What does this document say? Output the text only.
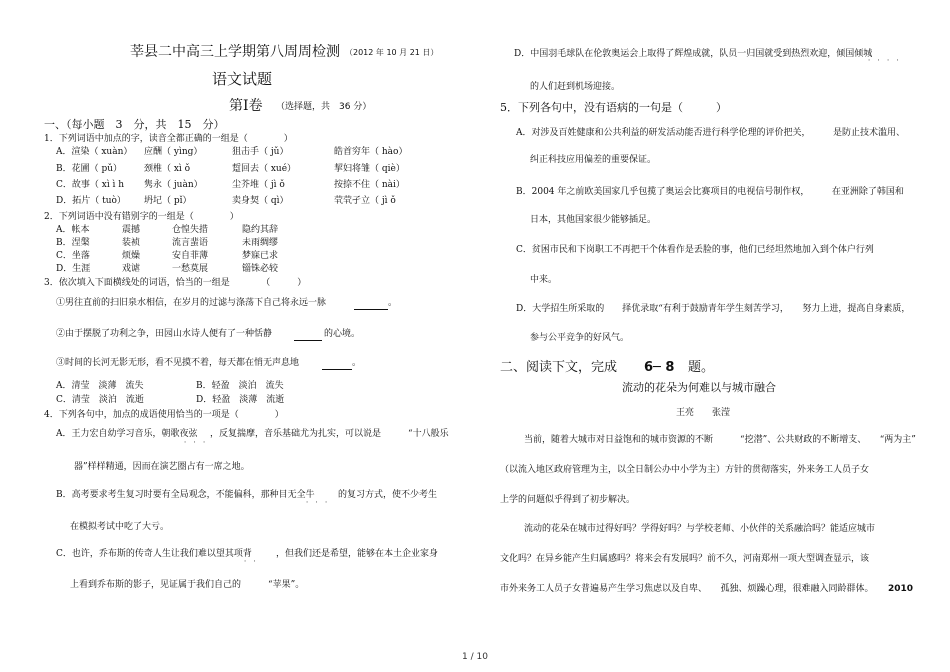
莘县二中高三上学期第八周周检测 （2012 年 10 月 21 日）
语文试题
第Ⅰ卷 （选择题，共　36 分）
一、（每小题　3　分，共　15　分）
1．下列词语中加点的字，读音全都正确的一组是（　　　　）
A．渲染（ xuàn） 应酬（ yìng）	狙击手（ jǔ）	皓首穷年（ hào）
B．花圃（ pǔ） 颈椎（ xì ǒ	踅回去（ xué）	挈妇将雏（ qiè）
C．故事（ xì ì h 隽永（ juàn）	尘芥堆（ jì ǒ	按捺不住（ nài）
D．拓片（ tuò） 坍圮（ pǐ）	卖身契（ qì）	茕茕孑立（ jì ǒ
2．下列词语中没有错别字的一组是（　　　　）
A．帐本	震撼	仓惶失措	隐约其辞
B．涅槃	装祯	流言蜚语	未雨绸缪
C．坐落	烦燥	安自菲薄	梦寐已求
D．生涯	戏谑	一愁莫展	锱铢必较
3．依次填入下面横线处的词语，恰当的一组是　　　　（　　　）
①男往直前的扫旧泉水相信，在岁月的过滤与涤荡下自己将永远一脉	。
②由于摆脱了功利之争，田园山水诗人便有了一种恬静	的心境。
③时间的长河无影无形，看不见摸不着，每天都在悄无声息地	。
A．清莹　淡薄　流失	B．轻盈　淡泊　流失
C．清莹　淡泊　流逝	D．轻盈　淡薄　流逝
4．下列各句中，加点的成语使用恰当的一项是（　　　　）
A．王力宏自幼学习音乐，朝歌夜弦
．．．
，反复揣摩，音乐基础尤为扎实，可以说是　　　“十八般乐
器”样样精通，因而在演艺圈占有一席之地。
B．高考要求考生复习时要有全局观念，不能偏科，那种目无全牛
．．． 的复习方式，使不少考生
在模拟考试中吃了大亏。
C．也许，乔布斯的传奇人生让我们难以望其项背
．． ，但我们还是希望，能够在本土企业家身
上看到乔布斯的影子，见证属于我们自己的　　　“苹果”。
D．中国羽毛球队在伦敦奥运会上取得了辉煌成就，队员一归国就受到热烈欢迎，倾国倾城
．．．．
的人们赶到机场迎接。
5．下列各句中，没有语病的一句是（　　　）
A．对涉及百姓健康和公共利益的研发活动能否进行科学伦理的评价把关，　　　是防止技术滥用、
纠正科技应用偏差的重要保证。
B．2004 年之前欧美国家几乎包揽了奥运会比赛项目的电视信号制作权，　　　在亚洲除了韩国和
日本，其他国家很少能够插足。
C．贫困市民和下岗职工不再把干个体看作是丢脸的事，他们已经坦然地加入到个体户行列
中来。
D．大学招生所采取的　　择优录取“有利于鼓励青年学生刻苦学习，　　努力上进，提高自身素质，
参与公平竞争的好风气。
二、阅读下文，完成 6─ 8 题。
流动的花朵为何难以与城市融合
王亮　　张滢
当前，随着大城市对日益饱和的城市资源的不断　　　“挖潜”、公共财政的不断增支、　　“两为主”
（以流入地区政府管理为主，以全日制公办中小学为主）方针的贯彻落实，外来务工人员子女
上学的问题似乎得到了初步解决。
流动的花朵在城市过得好吗？学得好吗？与学校老师、小伙伴的关系融洽吗？能适应城市
文化吗？在异乡能产生归属感吗？将来会有发展吗？前不久，河南郑州一项大型调查显示，该
市外来务工人员子女普遍易产生学习焦虑以及自卑、　　孤独、烦躁心理，很难融入同龄群体。 2010
1 / 10
